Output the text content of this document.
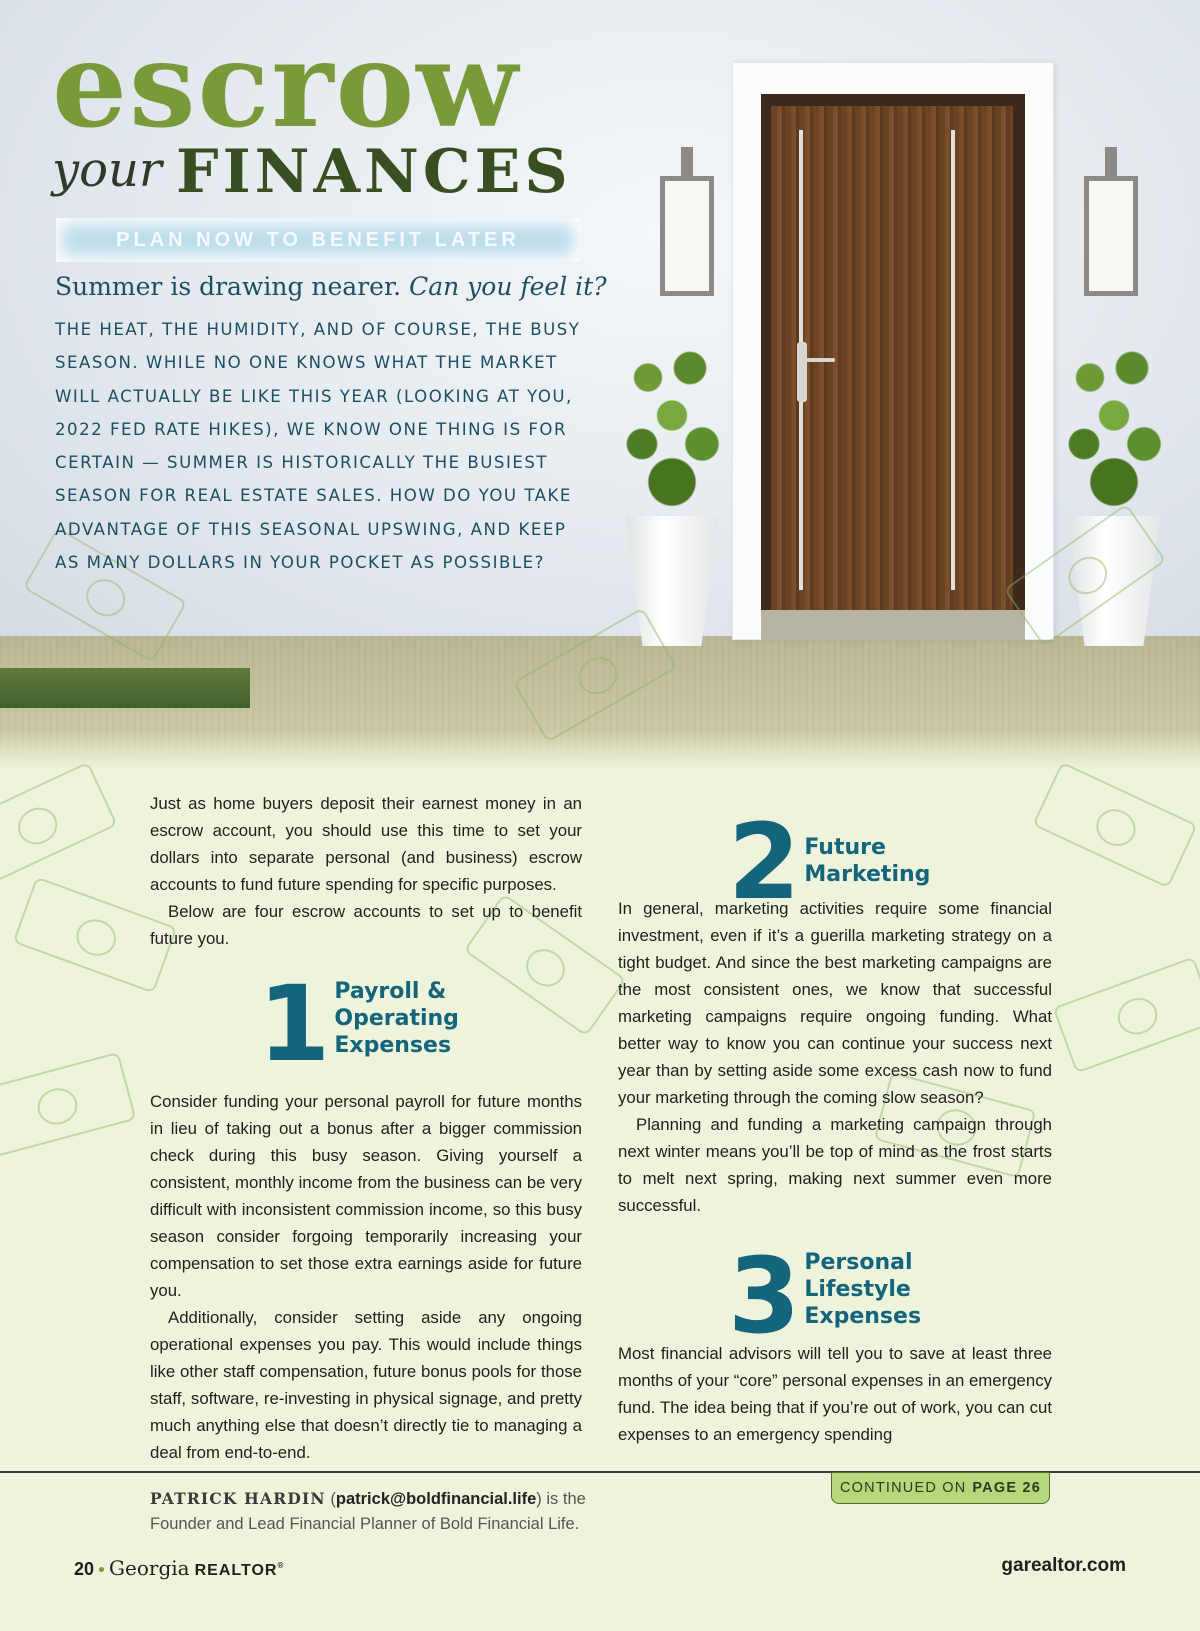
escrow
your FINANCES
PLAN NOW TO BENEFIT LATER
Summer is drawing nearer. Can you feel it?
THE HEAT, THE HUMIDITY, AND OF COURSE, THE BUSY
SEASON. WHILE NO ONE KNOWS WHAT THE MARKET
WILL ACTUALLY BE LIKE THIS YEAR (LOOKING AT YOU,
2022 FED RATE HIKES), WE KNOW ONE THING IS FOR
CERTAIN — SUMMER IS HISTORICALLY THE BUSIEST
SEASON FOR REAL ESTATE SALES. HOW DO YOU TAKE
ADVANTAGE OF THIS SEASONAL UPSWING, AND KEEP
AS MANY DOLLARS IN YOUR POCKET AS POSSIBLE?

Just as home buyers deposit their earnest money in an escrow account, you should use this time to set your dollars into separate personal (and business) escrow accounts to fund future spending for specific purposes.

Below are four escrow accounts to set up to benefit future you.

Consider funding your personal payroll for future months in lieu of taking out a bonus after a bigger commission check during this busy season. Giving yourself a consistent, monthly income from the business can be very difficult with inconsistent commission income, so this busy season consider forgoing temporarily increasing your compensation to set those extra earnings aside for future you.

Additionally, consider setting aside any ongoing operational expenses you pay. This would include things like other staff compensation, future bonus pools for those staff, software, re-investing in physical signage, and pretty much anything else that doesn’t directly tie to managing a deal from end-to-end.

1 Payroll &
Operating
Expenses
2 Future
Marketing

In general, marketing activities require some financial investment, even if it’s a guerilla marketing strategy on a tight budget. And since the best marketing campaigns are the most consistent ones, we know that successful marketing campaigns require ongoing funding. What better way to know you can continue your success next year than by setting aside some excess cash now to fund your marketing through the coming slow season?

Planning and funding a marketing campaign through next winter means you’ll be top of mind as the frost starts to melt next spring, making next summer even more successful.

3 Personal
Lifestyle
Expenses

Most financial advisors will tell you to save at least three months of your “core” personal expenses in an emergency fund. The idea being that if you’re out of work, you can cut expenses to an emergency spending

CONTINUED ON PAGE 26
PATRICK HARDIN (patrick@boldfinancial.life) is the
Founder and Lead Financial Planner of Bold Financial Life.
20 Georgia REALTOR®	garealtor.com
